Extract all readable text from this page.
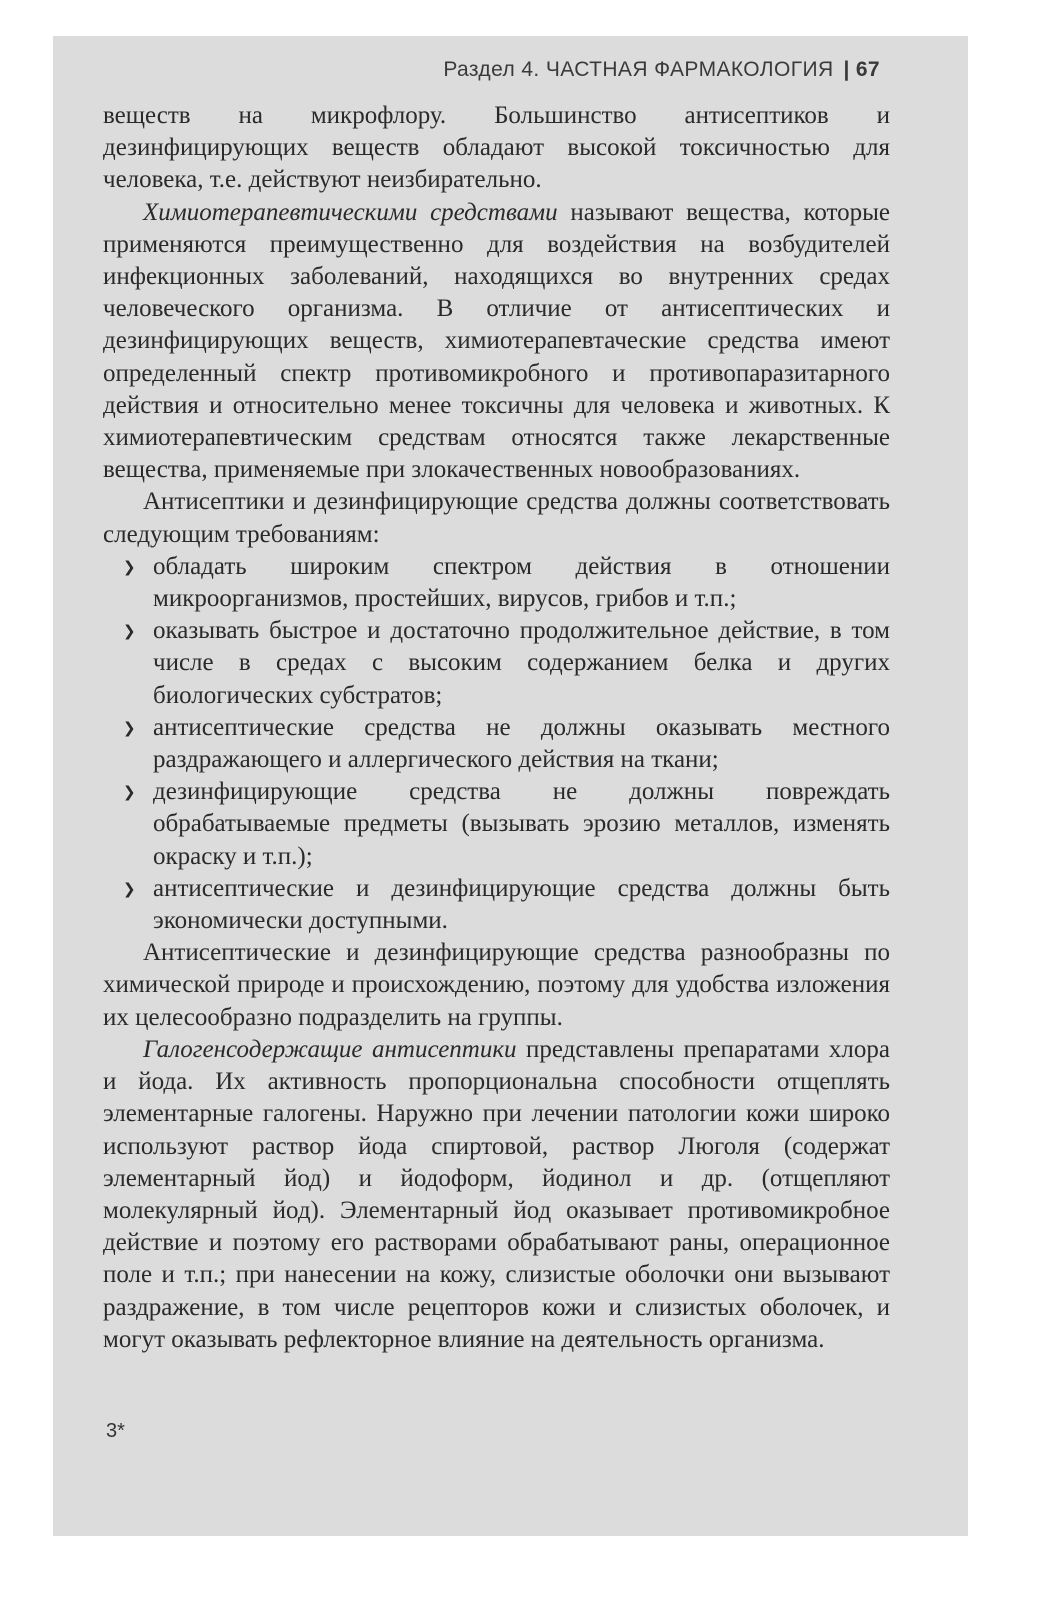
Раздел 4. ЧАСТНАЯ ФАРМАКОЛОГИЯ | 67

веществ на микрофлору. Большинство антисептиков и дезинфицирующих веществ обладают высокой токсичностью для человека, т.е. действуют неизбирательно.

Химиотерапевтическими средствами называют вещества, которые применяются преимущественно для воздействия на возбудителей инфекционных заболеваний, находящихся во внутренних средах человеческого организма. В отличие от антисептических и дезинфицирующих веществ, химиотерапевтаческие средства имеют определенный спектр противомикробного и противопаразитарного действия и относительно менее токсичны для человека и животных. К химиотерапевтическим средствам относятся также лекарственные вещества, применяемые при злокачественных новообразованиях.

Антисептики и дезинфицирующие средства должны соответствовать следующим требованиям:

❯ обладать широким спектром действия в отношении микроорганизмов, простейших, вирусов, грибов и т.п.;

❯ оказывать быстрое и достаточно продолжительное действие, в том числе в средах с высоким содержанием белка и других биологических субстратов;

❯ антисептические средства не должны оказывать местного раздражающего и аллергического действия на ткани;

❯ дезинфицирующие средства не должны повреждать обрабатываемые предметы (вызывать эрозию металлов, изменять окраску и т.п.);

❯ антисептические и дезинфицирующие средства должны быть экономически доступными.

Антисептические и дезинфицирующие средства разнообразны по химической природе и происхождению, поэтому для удобства изложения их целесообразно подразделить на группы.

Галогенсодержащие антисептики представлены препаратами хлора и йода. Их активность пропорциональна способности отщеплять элементарные галогены. Наружно при лечении патологии кожи широко используют раствор йода спиртовой, раствор Люголя (содержат элементарный йод) и йодоформ, йодинол и др. (отщепляют молекулярный йод). Элементарный йод оказывает противомикробное действие и поэтому его растворами обрабатывают раны, операционное поле и т.п.; при нанесении на кожу, слизистые оболочки они вызывают раздражение, в том числе рецепторов кожи и слизистых оболочек, и могут оказывать рефлекторное влияние на деятельность организма.

3*
